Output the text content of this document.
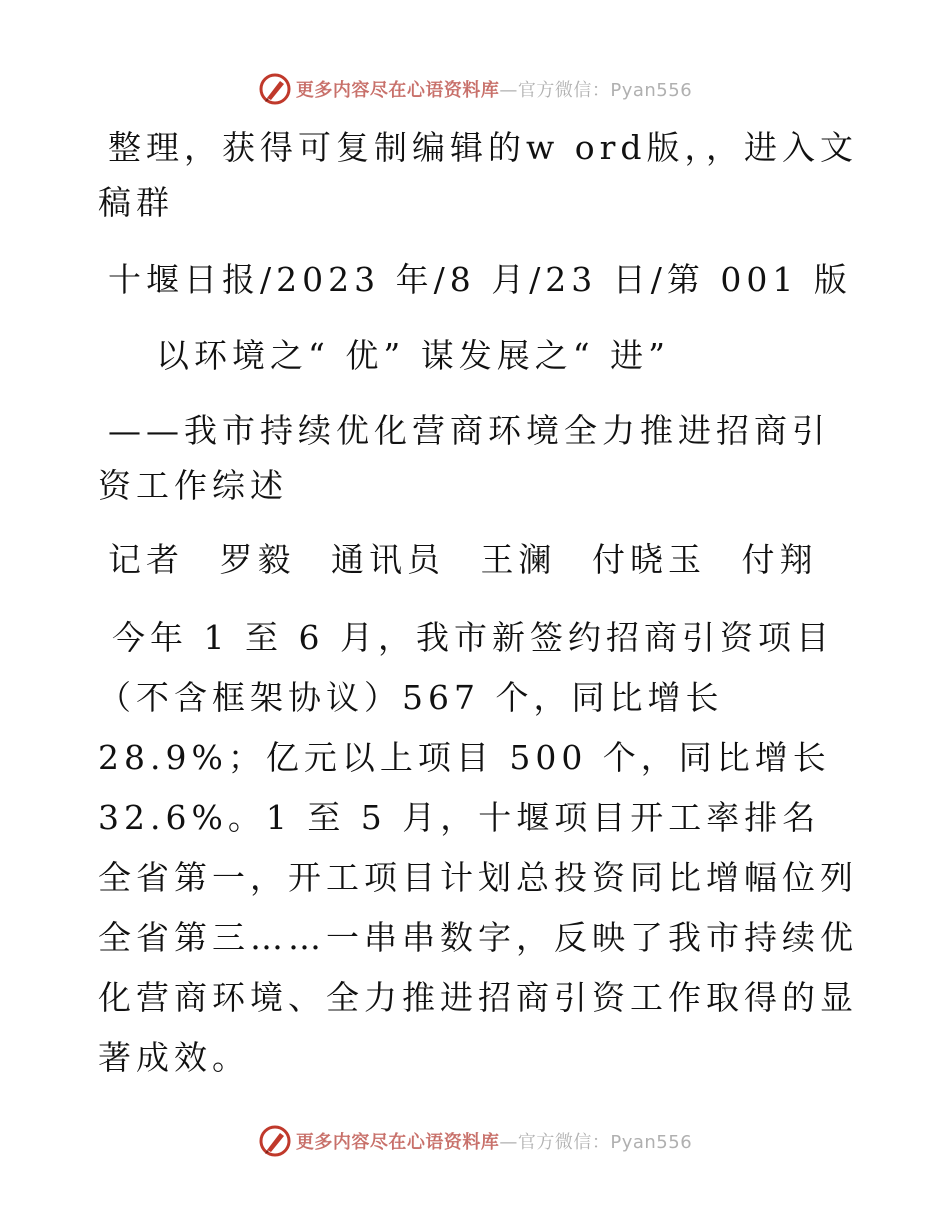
更多内容尽在心语资料库 —官方微信：Pyan556

整理，获得可复制编辑的w ord版，，进入文稿群

十堰日报/2023 年/8 月/23 日/第 001 版

以环境之“ 优” 谋发展之“ 进”

——我市持续优化营商环境全力推进招商引资工作综述

记者 罗毅 通讯员 王澜 付晓玉 付翔

今年 1 至 6 月，我市新签约招商引资项目（不含框架协议）567 个，同比增长 28.9%；亿元以上项目 500 个，同比增长 32.6%。1 至 5 月，十堰项目开工率排名全省第一，开工项目计划总投资同比增幅位列全省第三……一串串数字，反映了我市持续优化营商环境、全力推进招商引资工作取得的显著成效。

更多内容尽在心语资料库 —官方微信：Pyan556
